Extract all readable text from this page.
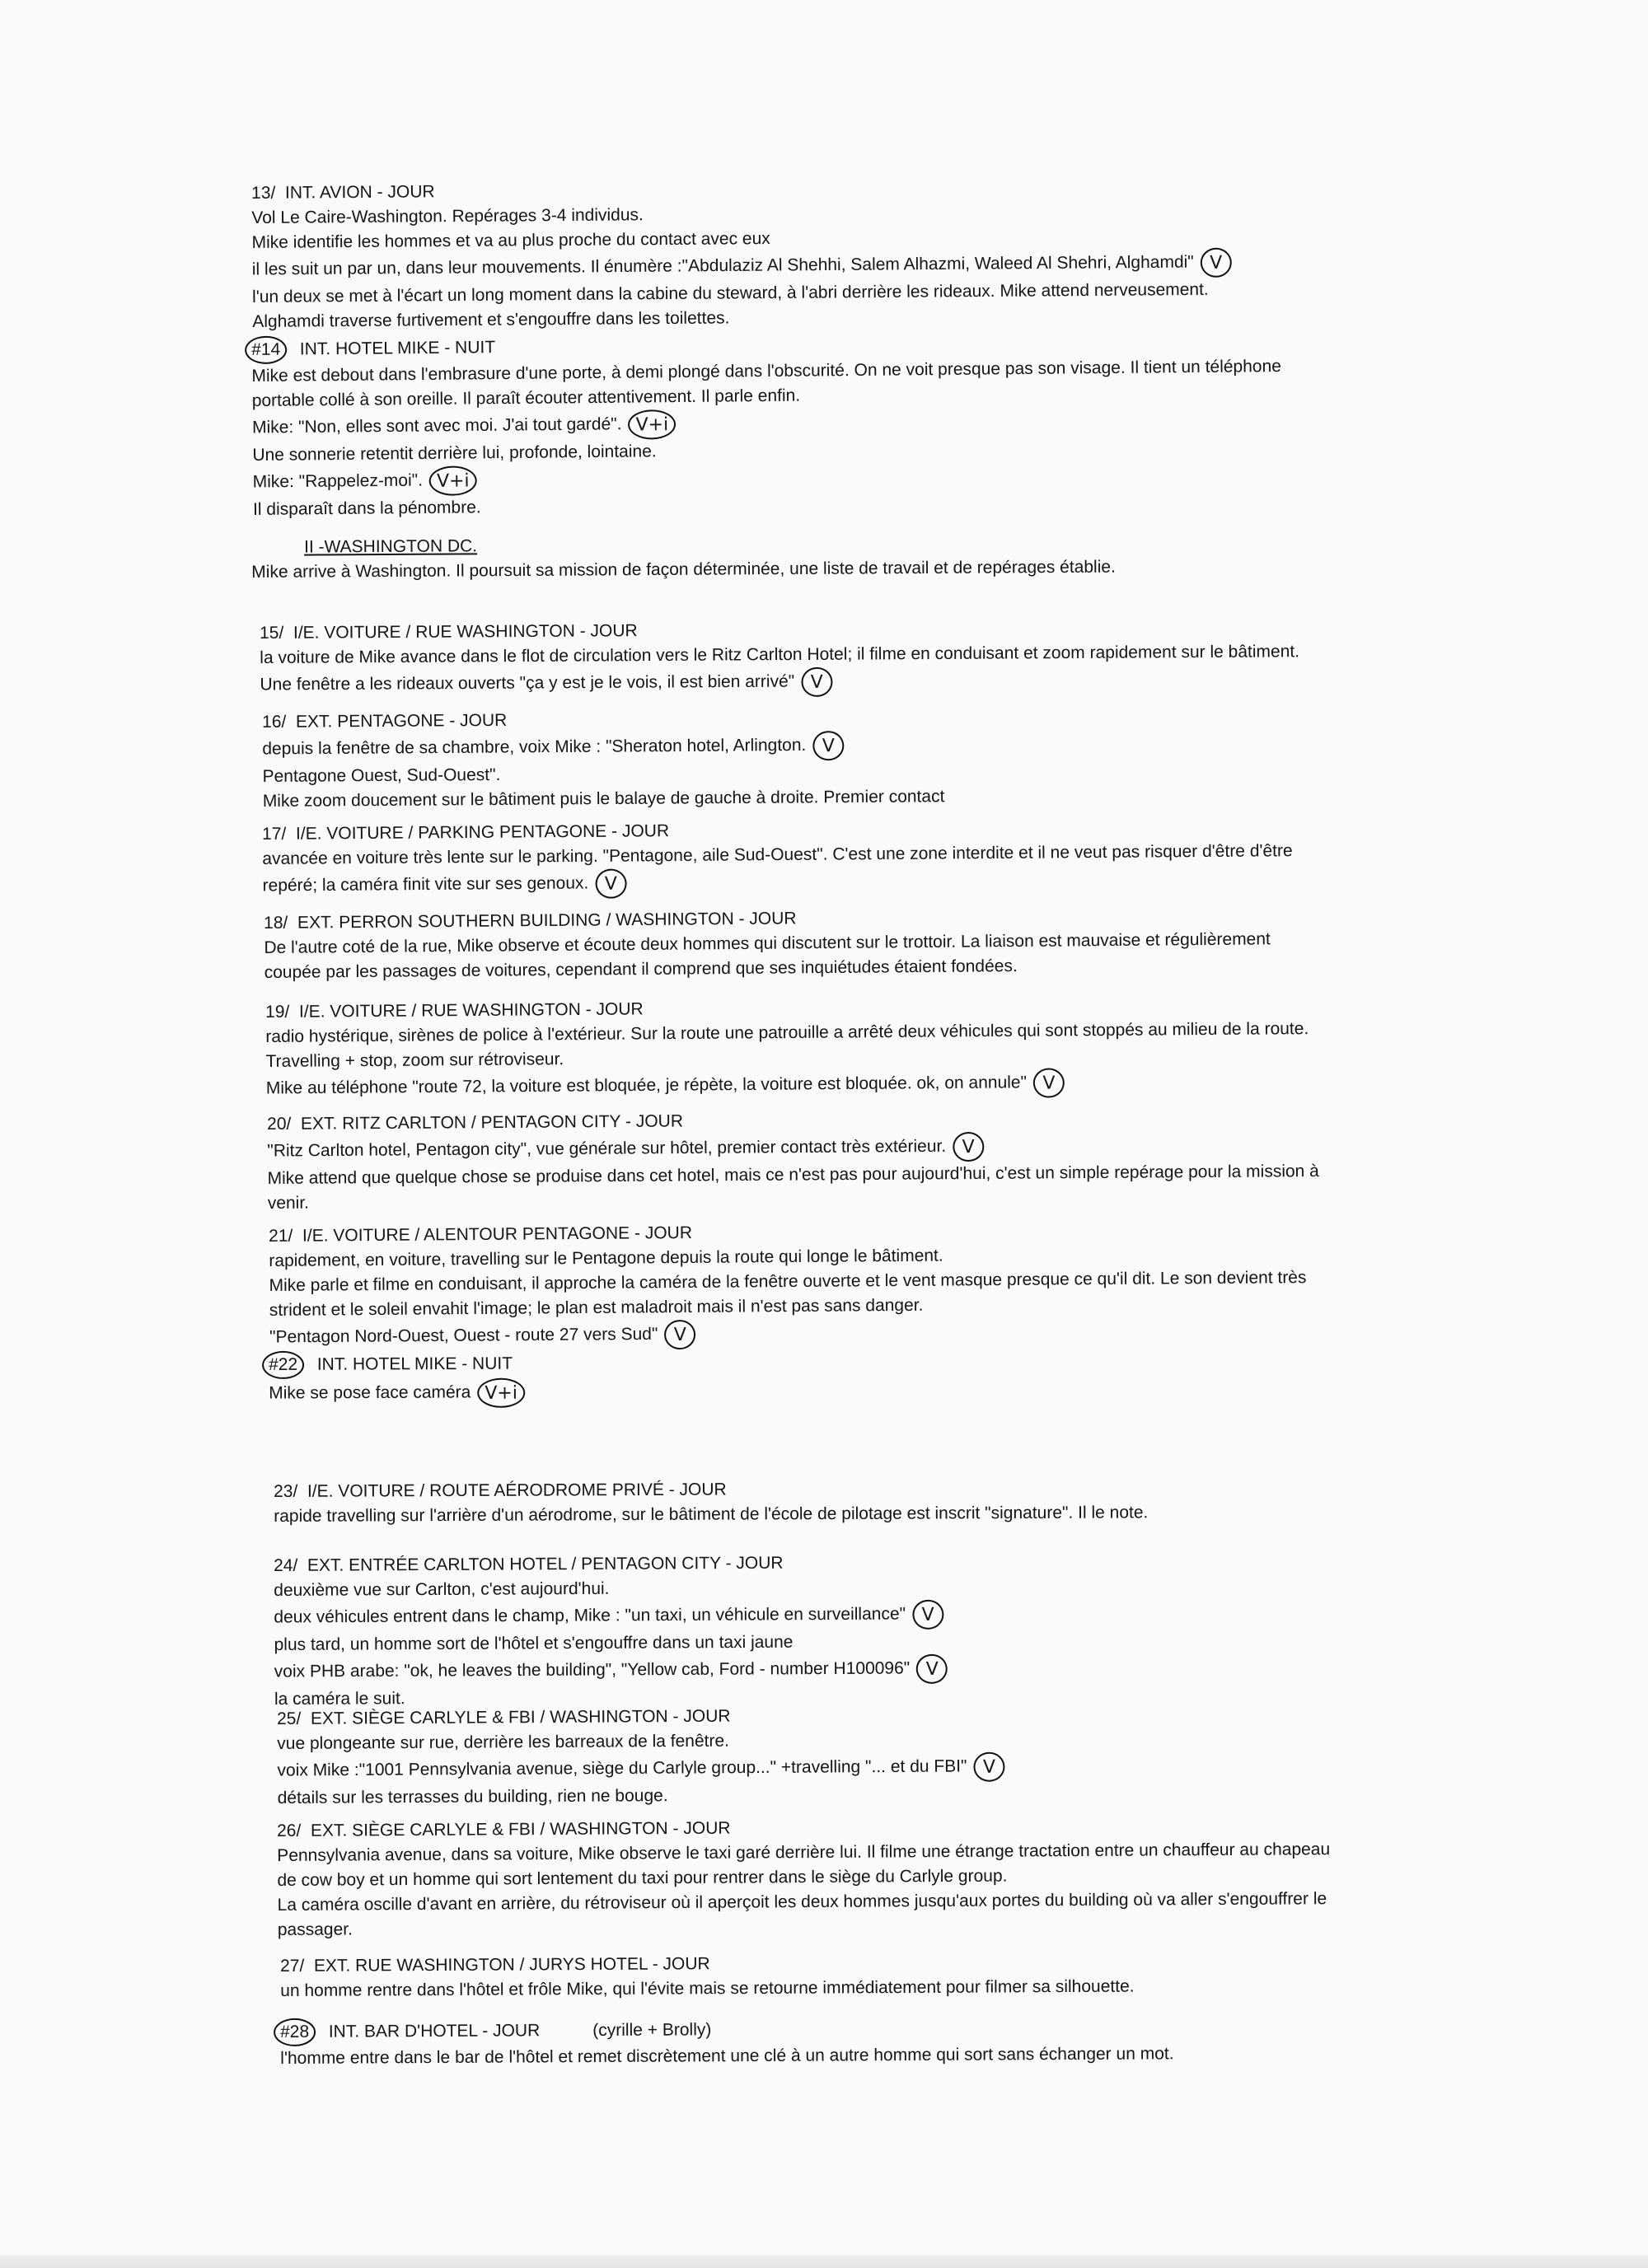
13/ INT. AVION - JOUR
Vol Le Caire-Washington. Repérages 3-4 individus.
Mike identifie les hommes et va au plus proche du contact avec eux
il les suit un par un, dans leur mouvements. Il énumère :"Abdulaziz Al Shehhi, Salem Alhazmi, Waleed Al Shehri, Alghamdi" V
l'un deux se met à l'écart un long moment dans la cabine du steward, à l'abri derrière les rideaux. Mike attend nerveusement.
Alghamdi traverse furtivement et s'engouffre dans les toilettes.
#14 INT. HOTEL MIKE - NUIT
Mike est debout dans l'embrasure d'une porte, à demi plongé dans l'obscurité. On ne voit presque pas son visage. Il tient un téléphone
portable collé à son oreille. Il paraît écouter attentivement. Il parle enfin.
Mike: "Non, elles sont avec moi. J'ai tout gardé". V+i
Une sonnerie retentit derrière lui, profonde, lointaine.
Mike: "Rappelez-moi". V+i
Il disparaît dans la pénombre.
II -WASHINGTON DC.
Mike arrive à Washington. Il poursuit sa mission de façon déterminée, une liste de travail et de repérages établie.
15/ I/E. VOITURE / RUE WASHINGTON - JOUR
la voiture de Mike avance dans le flot de circulation vers le Ritz Carlton Hotel; il filme en conduisant et zoom rapidement sur le bâtiment.
Une fenêtre a les rideaux ouverts "ça y est je le vois, il est bien arrivé" V
16/ EXT. PENTAGONE - JOUR
depuis la fenêtre de sa chambre, voix Mike : "Sheraton hotel, Arlington. V
Pentagone Ouest, Sud-Ouest".
Mike zoom doucement sur le bâtiment puis le balaye de gauche à droite. Premier contact
17/ I/E. VOITURE / PARKING PENTAGONE - JOUR
avancée en voiture très lente sur le parking. "Pentagone, aile Sud-Ouest". C'est une zone interdite et il ne veut pas risquer d'être d'être
repéré; la caméra finit vite sur ses genoux. V
18/ EXT. PERRON SOUTHERN BUILDING / WASHINGTON - JOUR
De l'autre coté de la rue, Mike observe et écoute deux hommes qui discutent sur le trottoir. La liaison est mauvaise et régulièrement
coupée par les passages de voitures, cependant il comprend que ses inquiétudes étaient fondées.
19/ I/E. VOITURE / RUE WASHINGTON - JOUR
radio hystérique, sirènes de police à l'extérieur. Sur la route une patrouille a arrêté deux véhicules qui sont stoppés au milieu de la route.
Travelling + stop, zoom sur rétroviseur.
Mike au téléphone "route 72, la voiture est bloquée, je répète, la voiture est bloquée. ok, on annule" V
20/ EXT. RITZ CARLTON / PENTAGON CITY - JOUR
"Ritz Carlton hotel, Pentagon city", vue générale sur hôtel, premier contact très extérieur. V
Mike attend que quelque chose se produise dans cet hotel, mais ce n'est pas pour aujourd'hui, c'est un simple repérage pour la mission à
venir.
21/ I/E. VOITURE / ALENTOUR PENTAGONE - JOUR
rapidement, en voiture, travelling sur le Pentagone depuis la route qui longe le bâtiment.
Mike parle et filme en conduisant, il approche la caméra de la fenêtre ouverte et le vent masque presque ce qu'il dit. Le son devient très
strident et le soleil envahit l'image; le plan est maladroit mais il n'est pas sans danger.
"Pentagon Nord-Ouest, Ouest - route 27 vers Sud" V
#22 INT. HOTEL MIKE - NUIT
Mike se pose face caméra V+i
23/ I/E. VOITURE / ROUTE AÉRODROME PRIVÉ - JOUR
rapide travelling sur l'arrière d'un aérodrome, sur le bâtiment de l'école de pilotage est inscrit "signature". Il le note.
24/ EXT. ENTRÉE CARLTON HOTEL / PENTAGON CITY - JOUR
deuxième vue sur Carlton, c'est aujourd'hui.
deux véhicules entrent dans le champ, Mike : "un taxi, un véhicule en surveillance" V
plus tard, un homme sort de l'hôtel et s'engouffre dans un taxi jaune
voix PHB arabe: "ok, he leaves the building", "Yellow cab, Ford - number H100096" V
la caméra le suit.
25/ EXT. SIÈGE CARLYLE & FBI / WASHINGTON - JOUR
vue plongeante sur rue, derrière les barreaux de la fenêtre.
voix Mike :"1001 Pennsylvania avenue, siège du Carlyle group..." +travelling "... et du FBI" V
détails sur les terrasses du building, rien ne bouge.
26/ EXT. SIÈGE CARLYLE & FBI / WASHINGTON - JOUR
Pennsylvania avenue, dans sa voiture, Mike observe le taxi garé derrière lui. Il filme une étrange tractation entre un chauffeur au chapeau
de cow boy et un homme qui sort lentement du taxi pour rentrer dans le siège du Carlyle group.
La caméra oscille d'avant en arrière, du rétroviseur où il aperçoit les deux hommes jusqu'aux portes du building où va aller s'engouffrer le
passager.
27/ EXT. RUE WASHINGTON / JURYS HOTEL - JOUR
un homme rentre dans l'hôtel et frôle Mike, qui l'évite mais se retourne immédiatement pour filmer sa silhouette.
#28 INT. BAR D'HOTEL - JOUR	(cyrille + Brolly)
l'homme entre dans le bar de l'hôtel et remet discrètement une clé à un autre homme qui sort sans échanger un mot.
